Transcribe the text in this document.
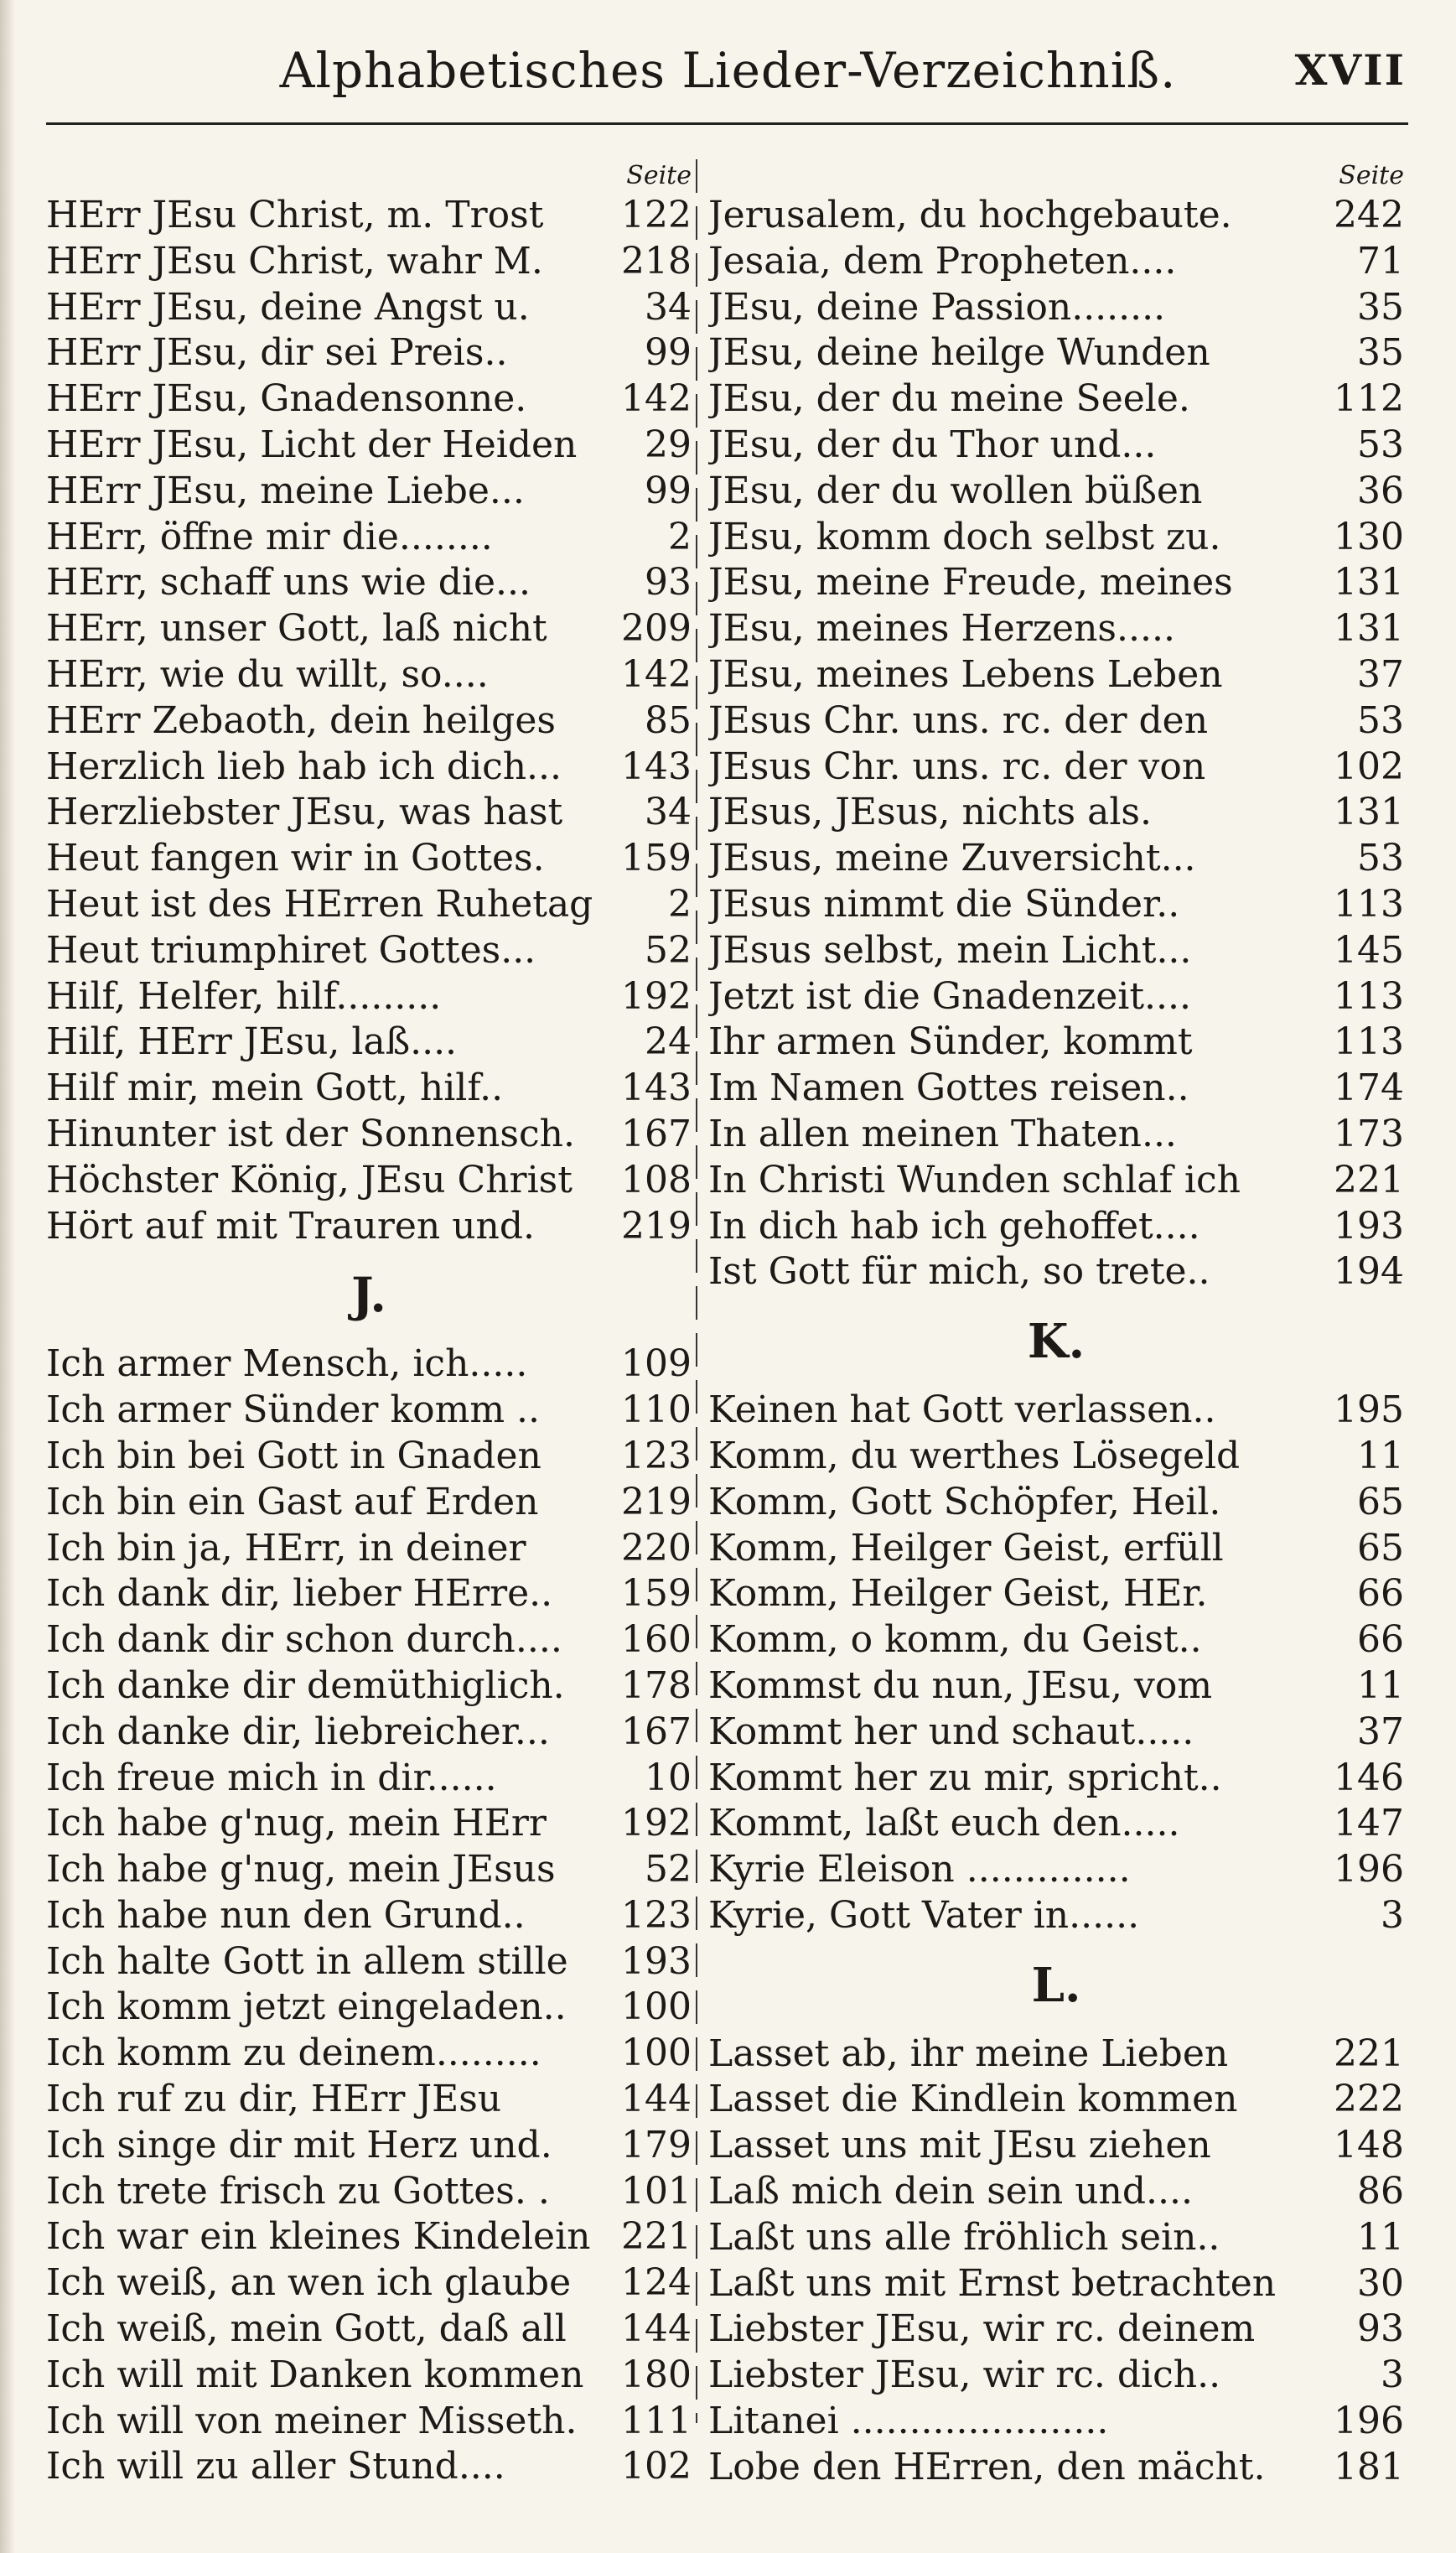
Alphabetisches Lieder-Verzeichniß.	XVII
Seite
HErr JEsu Christ, m. Trost	122
HErr JEsu Christ, wahr M.	218
HErr JEsu, deine Angst u.	34
HErr JEsu, dir sei Preis..	99
HErr JEsu, Gnadensonne.	142
HErr JEsu, Licht der Heiden	29
HErr JEsu, meine Liebe...	99
HErr, öffne mir die........	2
HErr, schaff uns wie die...	93
HErr, unser Gott, laß nicht	209
HErr, wie du willt, so....	142
HErr Zebaoth, dein heilges	85
Herzlich lieb hab ich dich...	143
Herzliebster JEsu, was hast	34
Heut fangen wir in Gottes.	159
Heut ist des HErren Ruhetag	2
Heut triumphiret Gottes...	52
Hilf, Helfer, hilf.........	192
Hilf, HErr JEsu, laß....	24
Hilf mir, mein Gott, hilf..	143
Hinunter ist der Sonnensch.	167
Höchster König, JEsu Christ	108
Hört auf mit Trauren und.	219
J.
Ich armer Mensch, ich.....	109
Ich armer Sünder komm ..	110
Ich bin bei Gott in Gnaden	123
Ich bin ein Gast auf Erden	219
Ich bin ja, HErr, in deiner	220
Ich dank dir, lieber HErre..	159
Ich dank dir schon durch....	160
Ich danke dir demüthiglich.	178
Ich danke dir, liebreicher...	167
Ich freue mich in dir......	10
Ich habe g'nug, mein HErr	192
Ich habe g'nug, mein JEsus	52
Ich habe nun den Grund..	123
Ich halte Gott in allem stille	193
Ich komm jetzt eingeladen..	100
Ich komm zu deinem.........	100
Ich ruf zu dir, HErr JEsu	144
Ich singe dir mit Herz und.	179
Ich trete frisch zu Gottes. .	101
Ich war ein kleines Kindelein 221
Ich weiß, an wen ich glaube	124
Ich weiß, mein Gott, daß all	144
Ich will mit Danken kommen	180
Ich will von meiner Misseth.	111
Ich will zu aller Stund....	102
Seite
Jerusalem, du hochgebaute.	242
Jesaia, dem Propheten....	71
JEsu, deine Passion........	35
JEsu, deine heilge Wunden	35
JEsu, der du meine Seele.	112
JEsu, der du Thor und...	53
JEsu, der du wollen büßen	36
JEsu, komm doch selbst zu.	130
JEsu, meine Freude, meines	131
JEsu, meines Herzens.....	131
JEsu, meines Lebens Leben	37
JEsus Chr. uns. rc. der den	53
JEsus Chr. uns. rc. der von	102
JEsus, JEsus, nichts als.	131
JEsus, meine Zuversicht...	53
JEsus nimmt die Sünder..	113
JEsus selbst, mein Licht...	145
Jetzt ist die Gnadenzeit....	113
Ihr armen Sünder, kommt	113
Im Namen Gottes reisen..	174
In allen meinen Thaten...	173
In Christi Wunden schlaf ich	221
In dich hab ich gehoffet....	193
Ist Gott für mich, so trete..	194
K.
Keinen hat Gott verlassen..	195
Komm, du werthes Lösegeld	11
Komm, Gott Schöpfer, Heil.	65
Komm, Heilger Geist, erfüll	65
Komm, Heilger Geist, HEr.	66
Komm, o komm, du Geist..	66
Kommst du nun, JEsu, vom	11
Kommt her und schaut.....	37
Kommt her zu mir, spricht..	146
Kommt, laßt euch den.....	147
Kyrie Eleison ..............	196
Kyrie, Gott Vater in......	3
L.
Lasset ab, ihr meine Lieben	221
Lasset die Kindlein kommen	222
Lasset uns mit JEsu ziehen	148
Laß mich dein sein und....	86
Laßt uns alle fröhlich sein..	11
Laßt uns mit Ernst betrachten	30
Liebster JEsu, wir rc. deinem	93
Liebster JEsu, wir rc. dich..	3
Litanei ......................	196
Lobe den HErren, den mächt.	181
